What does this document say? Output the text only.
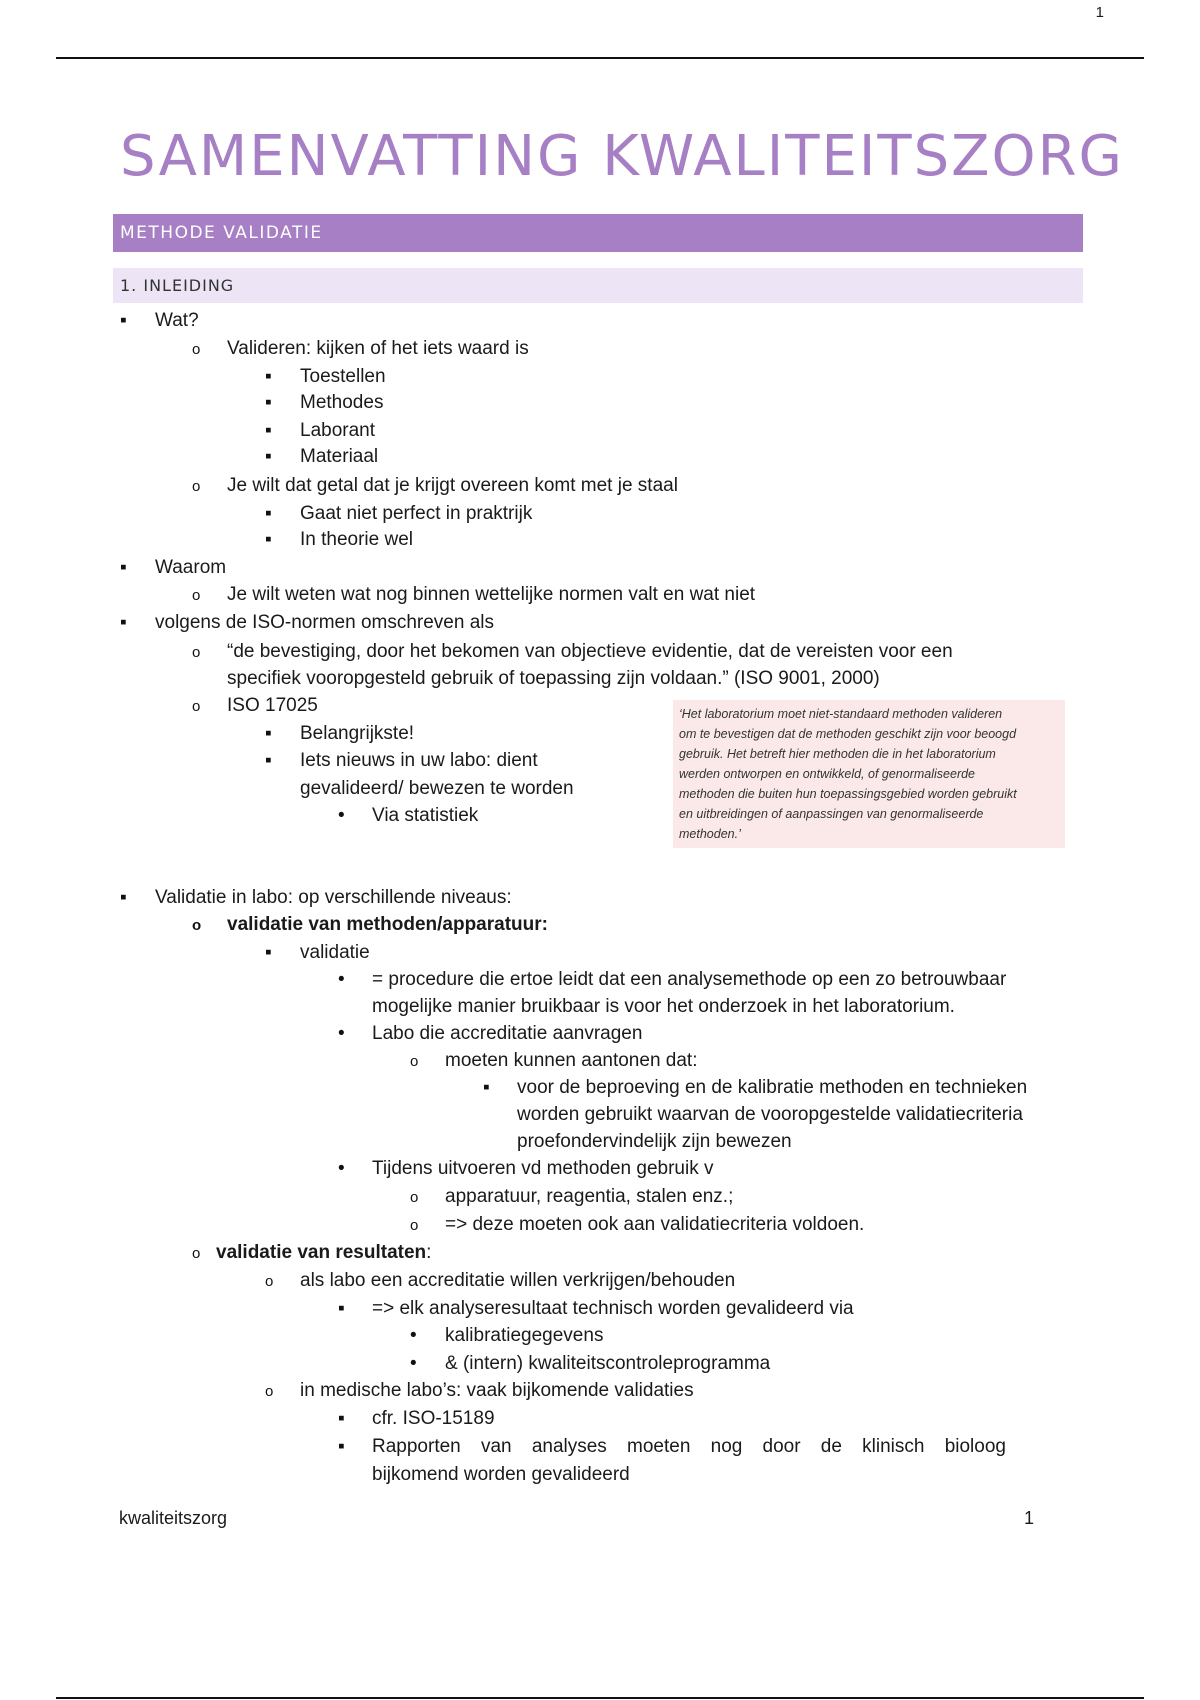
1
SAMENVATTING KWALITEITSZORG
METHODE VALIDATIE
1. INLEIDING
▪
Wat?
o
Valideren: kijken of het iets waard is
▪
Toestellen
▪
Methodes
▪
Laborant
▪
Materiaal
o
Je wilt dat getal dat je krijgt overeen komt met je staal
▪
Gaat niet perfect in praktrijk
▪
In theorie wel
▪
Waarom
o
Je wilt weten wat nog binnen wettelijke normen valt en wat niet
▪
volgens de ISO-normen omschreven als
o
“de bevestiging, door het bekomen van objectieve evidentie, dat de vereisten voor een
specifiek vooropgesteld gebruik of toepassing zijn voldaan.” (ISO 9001, 2000)
o
ISO 17025
▪
Belangrijkste!
▪
Iets nieuws in uw labo: dient
gevalideerd/ bewezen te worden
•
Via statistiek
‘Het laboratorium moet niet-standaard methoden valideren
om te bevestigen dat de methoden geschikt zijn voor beoogd
gebruik. Het betreft hier methoden die in het laboratorium
werden ontworpen en ontwikkeld, of genormaliseerde
methoden die buiten hun toepassingsgebied worden gebruikt
en uitbreidingen of aanpassingen van genormaliseerde
methoden.’
▪
Validatie in labo: op verschillende niveaus:
o
validatie van methoden/apparatuur:
▪
validatie
•
= procedure die ertoe leidt dat een analysemethode op een zo betrouwbaar
mogelijke manier bruikbaar is voor het onderzoek in het laboratorium.
•
Labo die accreditatie aanvragen
o
moeten kunnen aantonen dat:
▪
voor de beproeving en de kalibratie methoden en technieken
worden gebruikt waarvan de vooropgestelde validatiecriteria
proefondervindelijk zijn bewezen
•
Tijdens uitvoeren vd methoden gebruik v
o
apparatuur, reagentia, stalen enz.;
o
=> deze moeten ook aan validatiecriteria voldoen.
o
validatie van resultaten:
o
als labo een accreditatie willen verkrijgen/behouden
▪
=> elk analyseresultaat technisch worden gevalideerd via
•
kalibratiegegevens
•
& (intern) kwaliteitscontroleprogramma
o
in medische labo’s: vaak bijkomende validaties
▪
cfr. ISO-15189
▪
Rapporten van analyses moeten nog door de klinisch bioloog
bijkomend worden gevalideerd
kwaliteitszorg	1
